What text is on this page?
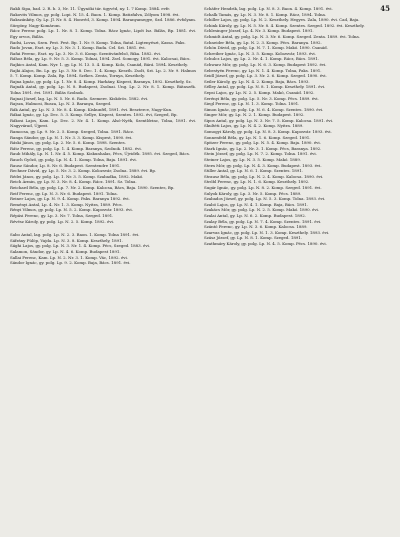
45

Rakli Sipa, bad. 2. R. b. 3, Nr. 11. Ügynöki tár. ügyvéd, ny. 1. 7 Komp. 1884. evfr.

Rakovits Vilmos, gy. polg. Lopi. N. 15. 4. Baon. 1. Komp. Batizfalva, Zólyom 1898. évi.

Rakszánkity, Gy. Lp. Jl. Nr. 8. 4. Honvéd, 3. Komp. 1894. Baranyamegye, Szd. 1886. évfolyam. Sürgöny, Nagy-Komárom.

Rácz Ferenc polg. Lp. 1. Nr. 8. 1. Komp. Tolna. Rácz Ignác, Lipót Isz. Bálás, Bp. 1881. évi. Egy orvos, Bálás.

Radsi, Lovas, Szen. Pest. Pest. Bp. 1. Nr. 9. Komp. Tolna, fiatal. Ligtenyészt, Kassa. Paks.

Rado Jovan, Eszt. ny. Lp. 3. Nr. 3. 1. Komp. Bada. Cel. Szt. 1881. évi.

Rafai Ferenc, Eszt. ny. Lp. 3. Nr. 3. 6. Komp. Szentivánfelső, Rika. 1882. évi.

Rához Béla, gy. Lp. 9. Nr. 5. 3. Komp. Tolnai, 1894. Zsel. Somogy, 1891. évi. Kalocsai, Bács.

Rajkics Antal, Kam. Nyr. 1. gy. Lp. N. 13. 5. 4. Komp. Kolo, Csanád, Bárá. 1894. Keszthely.

Rajki Alajos, Bn. Lp. gy. Lp. 3. Nr. 8. Dec. 1. 4. Komp. Keszth. Zsolt, Szt. Lp. 2. Nr. 9. Halmos 5. 7. Komp. Komp. Zala, Bp. 1894. Székes. Zenta, Tornya, Keszthely.

Rajna Ignác, gy. polg. Lp. 1. Nr. 8. 4. Komp. Harkány, Kispest, Baranya, 1892. Keszthely, Sz.

Rajnák Antal, gy. polg. Lp. N. 8. Budapest, Zsolnai. Ung. Lp. 2. Nr. 8. 1. Komp. Bátaszék. Tolna 1891. évi. 1891. Bálás Szolnok.

Rajnai József, lag. Lp. N. 5. Nr. 6. Rado. Szemere. Kiskőrös. 1882. évi.

Rajsza, Halmosi, Rusza, Lp. N. 3. Baranya, Szeged.

Rák Antal, gy. Lp. N. 3. Nr. 8. 4. Komp. Kiskunfél, 1891. évi. Beszterce, Nagy-Kun.

Rákai Ignác, gy. Lp. Dec. 5. 3. Komp. Sellye, Kispest, Szentes. 1892. évi, Szeged, Bp.

Rákosi Lajos, Kam. Lp. Dec. 2. Nr. 4. 1. Komp. Alsó-Nyék, Szentlőrinc, Tolna, 1891. évi. Nagyvárad, Újpest.

Ramocsa, gy. Lp. 9. Nr. 2. 5. Komp. Szeged, Tolna. 1891. Rácz.

Ranga Sándor, gy. Lp. N. 1. Nr. 3. 3. Komp. Kispest, 1890. évi.

Ráski János, gy. polg. Lp. 2. Nr. 5. 6. Komp. 1898. Szentes.

Rátz Ferenc, gy. polg. Lp. 1. 4. Komp. Baranya, Szolnok. 1882. évi.

Raub Mihály, Lp. N. 1. Nr. 4. 5. Komp. Kiskunhalas, Pécs, Újvidék. 1895. évi. Szeged, Bács.

Rauch Győző, gy. polg. Lp. N. 4. 1. Komp. Tolna, Baja. 1891. évi.

Rausz Sándor, Lp. 8. Nr. 6. Budapest. Szentendre 1891.

Rechner Dávid, gy. Lp. 5. Nr. 3. 2. Komp. Kolozsvár, Zsolna. 1889. évi. Bp.

Rédei János, gy. polg. Lp. 1. Nr. 3. 5. Komp. Szabadka, 1892. Makó.

Reich Ármin, gy. Lp. N. 3. Nr. 8. 4. Komp. Rácz. 1891. Sz. Tolna.

Reichard Béla, gy. polg. Lp. 7. Nr. 2. Komp. Kalocsa, Bács, Baja. 1890. Szentes, Bp.

Reif Ferenc, gy. Lp. N. 3. Nr. 6. Budapest. 1891. Tolna.

Reiner Lajos, gy. Lp. N. 9. 4. Komp. Paks. Baranya 1892. évi.

Reményi Antal, Lp. 4. Nr. 1. 3. Komp. Nyitra, 1889. Pécs.

Rényi Vilmos, gy. polg. Lp. N. 5. 2. Komp. Kaposvár. 1893. évi.

Répási Ferenc, gy. Lp. 3. Nr. 7. Tolna, Szeged. 1891.

Révész Károly, gy. polg. Lp. N. 2. 5. Komp. 1892. évi.

Sabo Antal, lag. polg. Lp. N. 2. 3. Baon. 1. Komp. Tolna 1891. évi.

Sáfrány Fülöp, Vajda. Lp. N. 3. 8. Komp. Keszthely, 1891.

Sághi Lajos, gy. polg. Lp. N. 3. Nr. 1. 4. Komp. Pécs, Szeged. 1883. évi.

Salamon, Sándor, gy. Lp. N. 4. 6. Komp. Budapest 1891.

Sallai Ferenc, Kam. Lp. N. 2. Nr. 3. 1. Komp. Vác, 1892. évi.

Sándor Ignác, gy. polg. Lp. 9. 2. Komp. Baja, Bács. 1891. évi.

Schäfer Hendrik, lag. polg. Lp. N. 8. 3. Baon. 4. Komp. 1891. évi.

Schalk Tamás, gy. Lp. N. 3. Nr. 8. 1. Komp. Rácz, 1894. Tolna.

Schiller Lajos, gy. polg. Lp. N. 2. Keszthely. Hegyes. Zala, 1890. évi. Cad, Baja.

Schink Károly, gy. Lp. N. 5. Nr. 8. 4. Komp. Szentes. Szeged. 1892. évi. Keszthely.

Schlesinger József, Lp. 4. Nr. 3. Komp. Budapest. 1891.

Schmidt Antal, gy. polg. Lp. N. 3. Nr. 6. Komp. Szeged. Zenta. 1889. évi. Tolna.

Schneider Béla, gy. Lp. N. 2. 3. Komp. Pécs. Baranya. 1892.

Schön Dávid, gy. polg. Lp. N. 7. 1. Komp. Makó. 1890. Csanád.

Schreiber Ignác, Lp. N. 3. 5. Komp. Kolozsvár, 1893. évi.

Schulcz Lajos, gy. Lp. 2. Nr. 4. 1. Komp. Rácz, Bács. 1891.

Schwarz Mór, gy. polg. Lp. N. 6. 3. Komp. Budapest 1892. évi.

Sebestyén Ferenc, gy. Lp. N. 1. 4. Komp. Tolna, Paks. 1891.

Seidl József, gy. polg. Lp. 3. Nr. 2. 6. Komp. Szeged. 1890. évi.

Seiler Károly, gy. Lp. N. 4. 2. Komp. Baja, Bács. 1893.

Sélley Antal, gy. polg. Lp. N. 8. 1. Komp. Keszthely. 1891. évi.

Sepsi Lajos, gy. Lp. N. 2. 5. Komp. Makó, Csanád. 1892.

Serényi Béla, gy. polg. Lp. 5. Nr. 3. Komp. Pécs. 1889. évi.

Siegl Ferenc, gy. Lp. N. 1. 3. Komp. Tolna. 1891.

Simon Ignác, gy. polg. Lp. N. 6. 4. Komp. Szentes. 1890. évi.

Singer Mór, gy. Lp. N. 2. 1. Komp. Budapest. 1892.

Sipos Antal, gy. polg. Lp. N. 3. Nr. 7. 5. Komp. Kalocsa. 1891. évi.

Skultéti Lajos, gy. Lp. N. 4. 2. Komp. Nyitra. 1889.

Somogyi Károly, gy. polg. Lp. N. 8. 3. Komp. Kaposvár. 1893. évi.

Sonnenfeld Béla, gy. Lp. N. 1. 6. Komp. Szeged. 1891.

Spitzer Ferenc, gy. polg. Lp. N. 5. 4. Komp. Baja. 1890. évi.

Stark Ignác, gy. Lp. 2. Nr. 3. 1. Komp. Pécs, Baranya. 1892.

Stein József, gy. polg. Lp. N. 7. 2. Komp. Tolna. 1891. évi.

Steiner Lajos, gy. Lp. N. 3. 5. Komp. Makó. 1889.

Stern Mór, gy. polg. Lp. N. 4. 3. Komp. Budapest. 1893. évi.

Stiller Antal, gy. Lp. N. 6. 1. Komp. Szentes. 1891.

Strausz Béla, gy. polg. Lp. N. 2. 4. Komp. Kalocsa. 1890. évi.

Stróbl Ferenc, gy. Lp. N. 1. 6. Komp. Keszthely. 1892.

Sugár Ignác, gy. polg. Lp. N. 8. 2. Komp. Szeged. 1891. évi.

Sulyok Károly, gy. Lp. 3. Nr. 5. Komp. Pécs. 1889.

Szabados József, gy. polg. Lp. N. 5. 3. Komp. Tolna. 1893. évi.

Szabó Lajos, gy. Lp. N. 4. 1. Komp. Baja, Bács. 1891.

Szakács Mór, gy. polg. Lp. N. 2. 5. Komp. Makó. 1890. évi.

Szalai Antal, gy. Lp. N. 6. 2. Komp. Budapest. 1892.

Szalay Béla, gy. polg. Lp. N. 7. 4. Komp. Szentes. 1891. évi.

Szántó Ferenc, gy. Lp. N. 3. 6. Komp. Kalocsa. 1889.

Szarvas Ignác, gy. polg. Lp. N. 1. 3. Komp. Keszthely. 1893. évi.

Szász József, gy. Lp. N. 8. 1. Komp. Szeged. 1891.

Szathmáry Károly, gy. polg. Lp. N. 4. 5. Komp. Pécs. 1890. évi.
